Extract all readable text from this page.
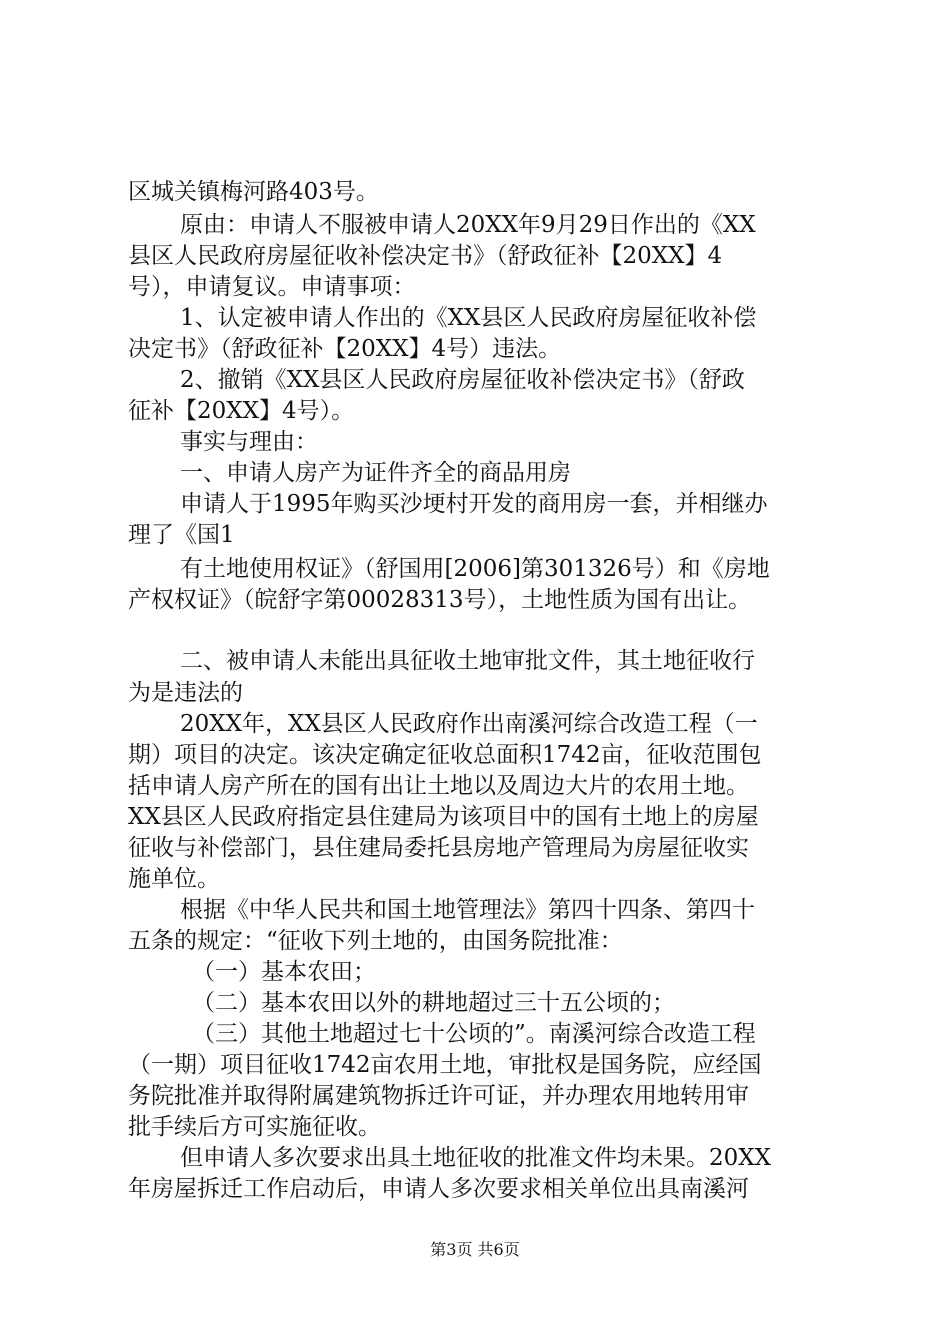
区城关镇梅河路403号。
原由：申请人不服被申请人20XX年9月29日作出的《XX
县区人民政府房屋征收补偿决定书》（舒政征补【20XX】4
号），申请复议。申请事项：
1、认定被申请人作出的《XX县区人民政府房屋征收补偿
决定书》（舒政征补【20XX】4号）违法。
2、撤销《XX县区人民政府房屋征收补偿决定书》（舒政
征补【20XX】4号）。
事实与理由：
一、申请人房产为证件齐全的商品用房
申请人于1995年购买沙埂村开发的商用房一套，并相继办
理了《国1
有土地使用权证》（舒国用[2006]第301326号）和《房地
产权权证》（皖舒字第00028313号），土地性质为国有出让。
二、被申请人未能出具征收土地审批文件，其土地征收行
为是违法的
20XX年，XX县区人民政府作出南溪河综合改造工程（一
期）项目的决定。该决定确定征收总面积1742亩，征收范围包
括申请人房产所在的国有出让土地以及周边大片的农用土地。
XX县区人民政府指定县住建局为该项目中的国有土地上的房屋
征收与补偿部门，县住建局委托县房地产管理局为房屋征收实
施单位。
根据《中华人民共和国土地管理法》第四十四条、第四十
五条的规定：“征收下列土地的，由国务院批准：
（一）基本农田；
（二）基本农田以外的耕地超过三十五公顷的；
（三）其他土地超过七十公顷的”。南溪河综合改造工程
（一期）项目征收1742亩农用土地，审批权是国务院，应经国
务院批准并取得附属建筑物拆迁许可证，并办理农用地转用审
批手续后方可实施征收。
但申请人多次要求出具土地征收的批准文件均未果。20XX
年房屋拆迁工作启动后，申请人多次要求相关单位出具南溪河
第3页 共6页
